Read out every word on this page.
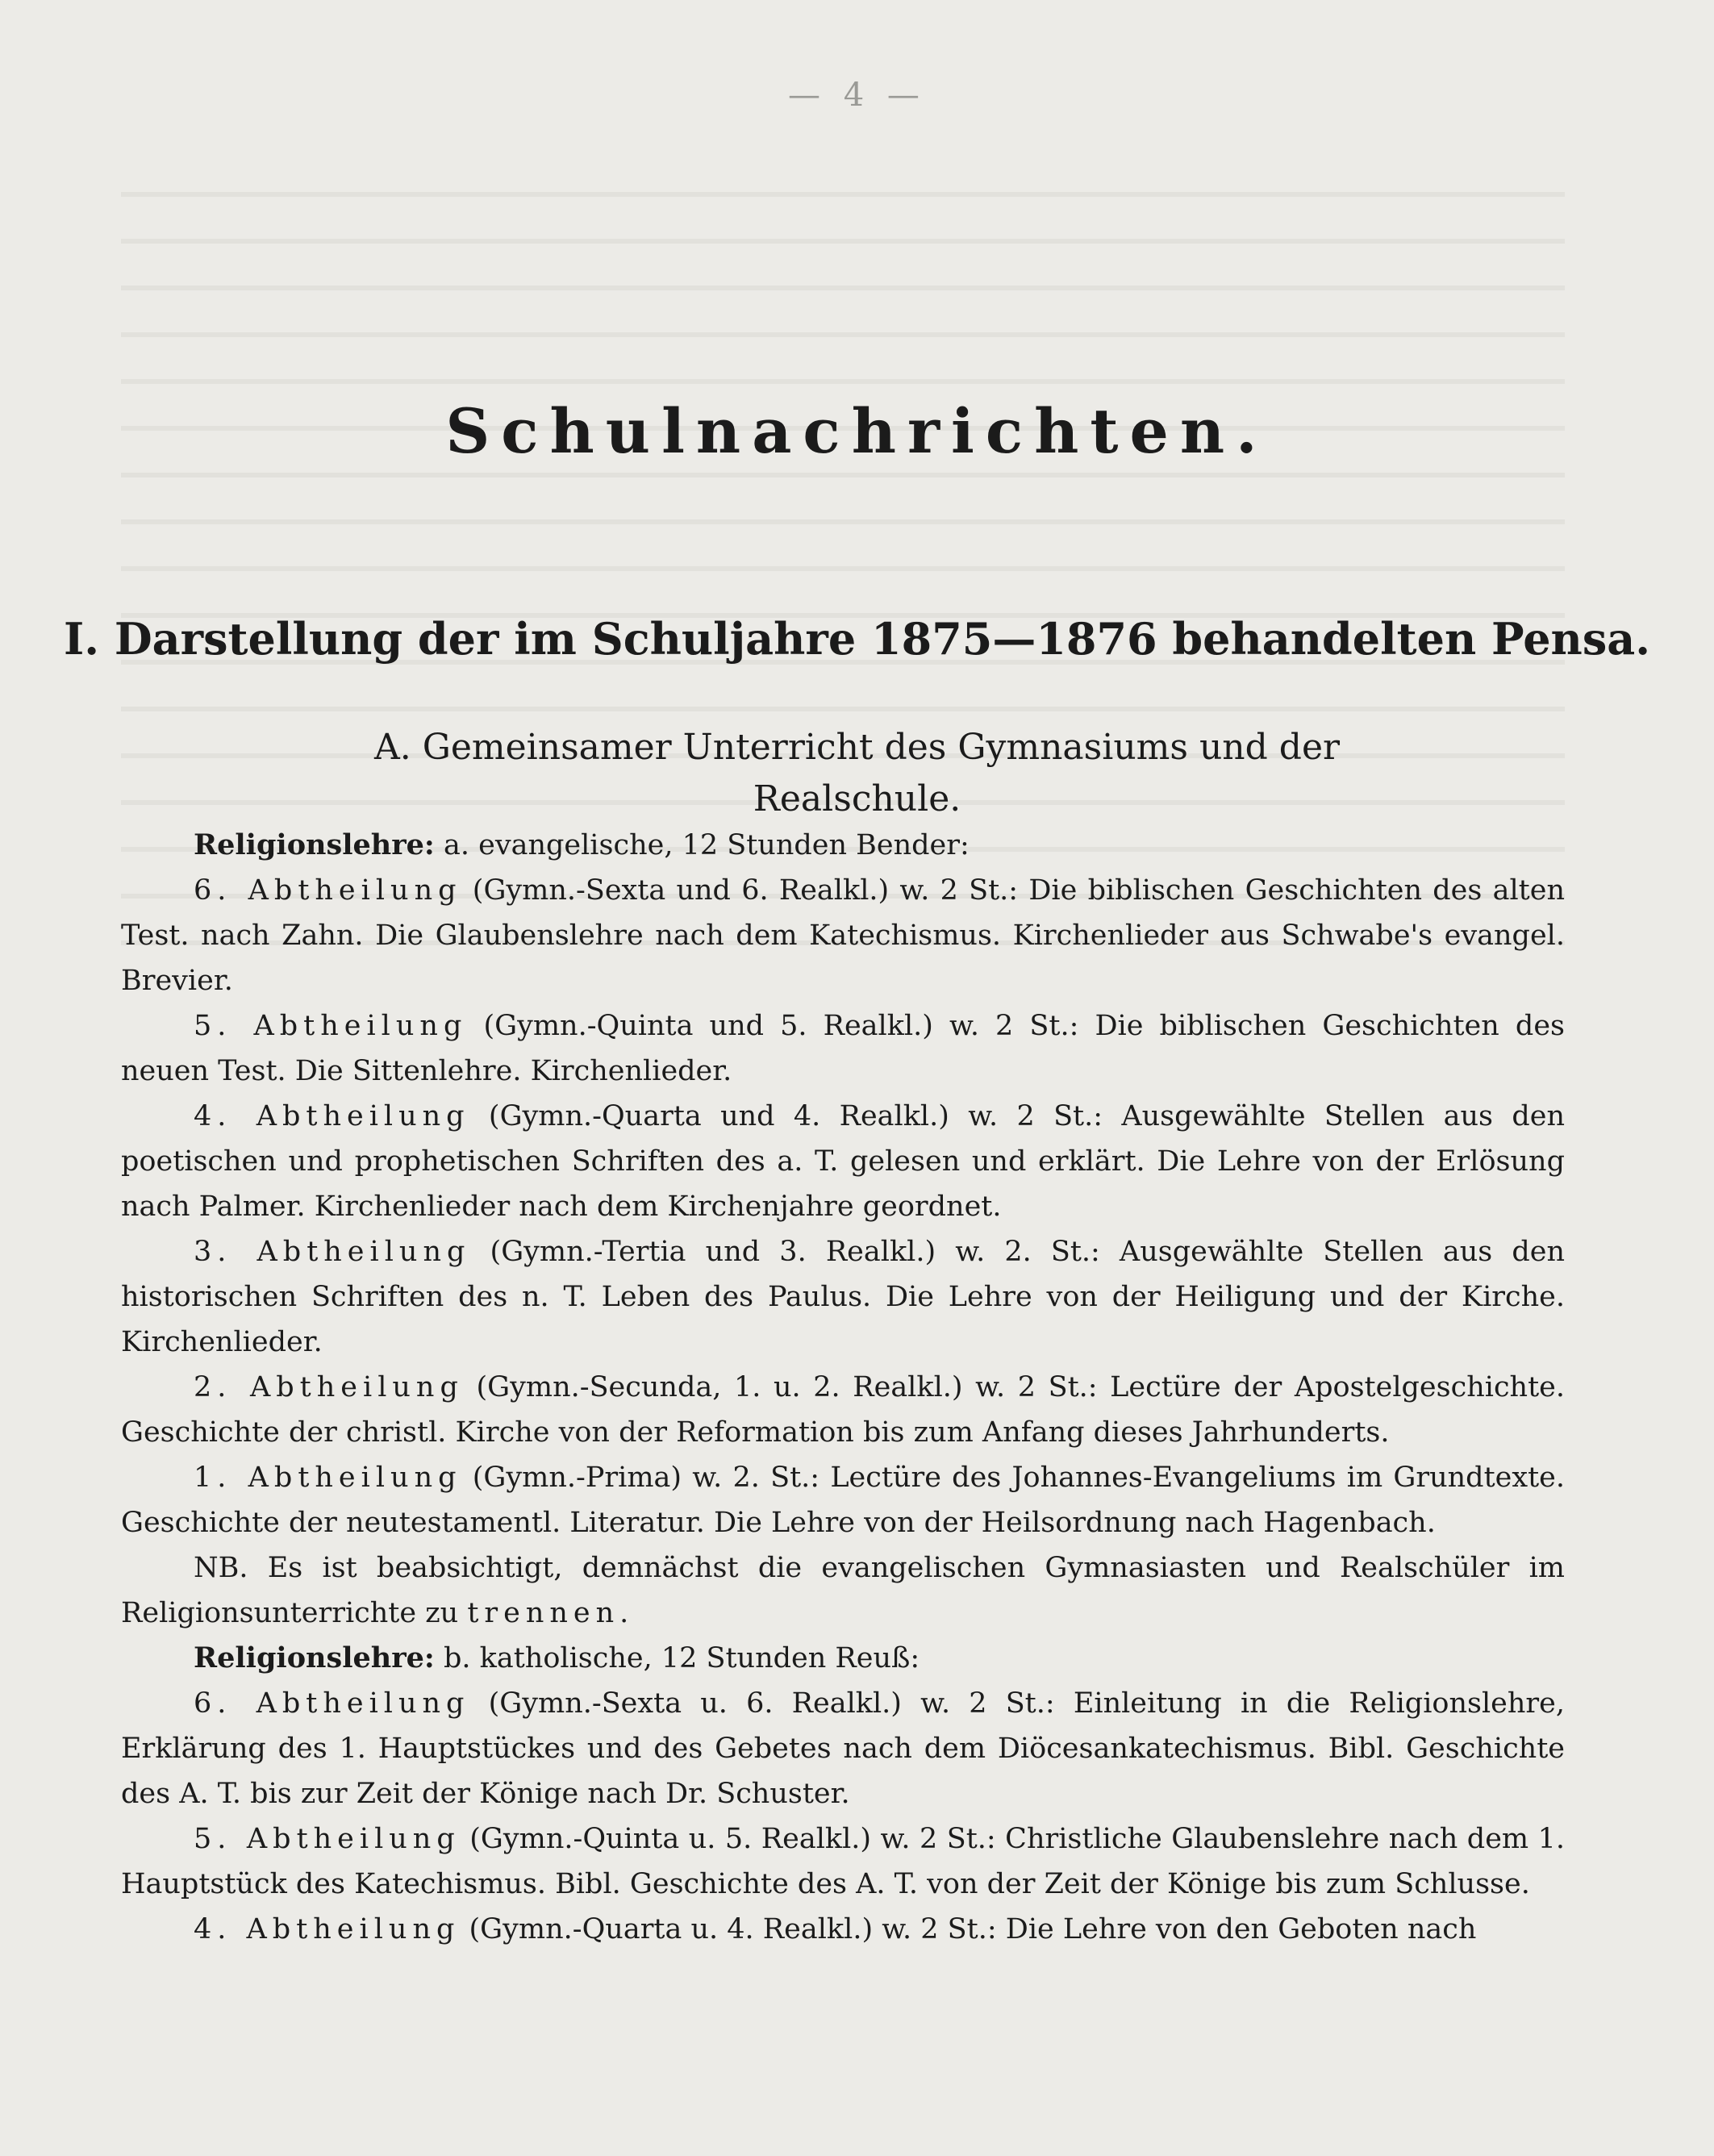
— 4 —
Schulnachrichten.
I. Darstellung der im Schuljahre 1875—1876 behandelten Pensa.
A. Gemeinsamer Unterricht des Gymnasiums und der
Realschule.

Religionslehre: a. evangelische, 12 Stunden Bender:

6. Abtheilung (Gymn.-Sexta und 6. Realkl.) w. 2 St.: Die biblischen Geschichten des alten Test. nach Zahn. Die Glaubenslehre nach dem Katechismus. Kirchenlieder aus Schwabe's evangel. Brevier.

5. Abtheilung (Gymn.-Quinta und 5. Realkl.) w. 2 St.: Die biblischen Geschichten des neuen Test. Die Sittenlehre. Kirchenlieder.

4. Abtheilung (Gymn.-Quarta und 4. Realkl.) w. 2 St.: Ausgewählte Stellen aus den poetischen und prophetischen Schriften des a. T. gelesen und erklärt. Die Lehre von der Erlösung nach Palmer. Kirchenlieder nach dem Kirchenjahre geordnet.

3. Abtheilung (Gymn.-Tertia und 3. Realkl.) w. 2. St.: Ausgewählte Stellen aus den historischen Schriften des n. T. Leben des Paulus. Die Lehre von der Heiligung und der Kirche. Kirchenlieder.

2. Abtheilung (Gymn.-Secunda, 1. u. 2. Realkl.) w. 2 St.: Lectüre der Apostelgeschichte. Geschichte der christl. Kirche von der Reformation bis zum Anfang dieses Jahrhunderts.

1. Abtheilung (Gymn.-Prima) w. 2. St.: Lectüre des Johannes-Evangeliums im Grundtexte. Geschichte der neutestamentl. Literatur. Die Lehre von der Heilsordnung nach Hagenbach.

NB. Es ist beabsichtigt, demnächst die evangelischen Gymnasiasten und Realschüler im Religionsunterrichte zu trennen.

Religionslehre: b. katholische, 12 Stunden Reuß:

6. Abtheilung (Gymn.-Sexta u. 6. Realkl.) w. 2 St.: Einleitung in die Religionslehre, Erklärung des 1. Hauptstückes und des Gebetes nach dem Diöcesankatechismus. Bibl. Geschichte des A. T. bis zur Zeit der Könige nach Dr. Schuster.

5. Abtheilung (Gymn.-Quinta u. 5. Realkl.) w. 2 St.: Christliche Glaubenslehre nach dem 1. Hauptstück des Katechismus. Bibl. Geschichte des A. T. von der Zeit der Könige bis zum Schlusse.

4. Abtheilung (Gymn.-Quarta u. 4. Realkl.) w. 2 St.: Die Lehre von den Geboten nach
